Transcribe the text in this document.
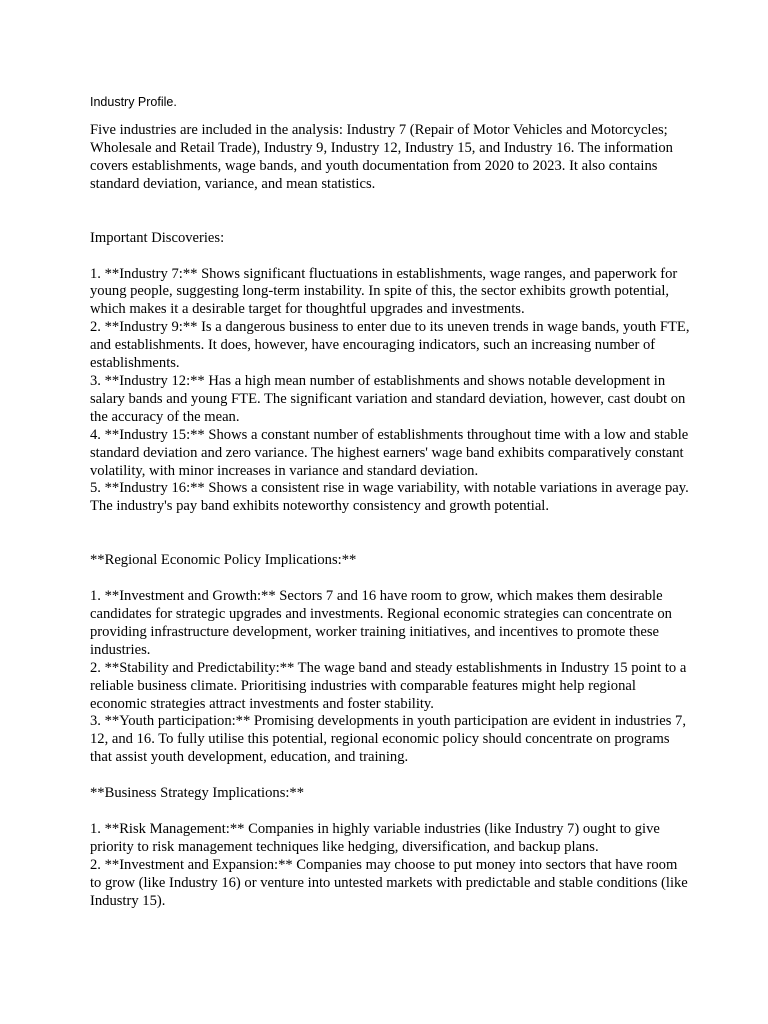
Industry Profile.

Five industries are included in the analysis: Industry 7 (Repair of Motor Vehicles and Motorcycles; Wholesale and Retail Trade), Industry 9, Industry 12, Industry 15, and Industry 16. The information covers establishments, wage bands, and youth documentation from 2020 to 2023. It also contains standard deviation, variance, and mean statistics.

Important Discoveries:

1. **Industry 7:** Shows significant fluctuations in establishments, wage ranges, and paperwork for young people, suggesting long-term instability. In spite of this, the sector exhibits growth potential, which makes it a desirable target for thoughtful upgrades and investments.

2. **Industry 9:** Is a dangerous business to enter due to its uneven trends in wage bands, youth FTE, and establishments. It does, however, have encouraging indicators, such an increasing number of establishments.

3. **Industry 12:** Has a high mean number of establishments and shows notable development in salary bands and young FTE. The significant variation and standard deviation, however, cast doubt on the accuracy of the mean.

4. **Industry 15:** Shows a constant number of establishments throughout time with a low and stable standard deviation and zero variance. The highest earners' wage band exhibits comparatively constant volatility, with minor increases in variance and standard deviation.

5. **Industry 16:** Shows a consistent rise in wage variability, with notable variations in average pay. The industry's pay band exhibits noteworthy consistency and growth potential.

**Regional Economic Policy Implications:**

1. **Investment and Growth:** Sectors 7 and 16 have room to grow, which makes them desirable candidates for strategic upgrades and investments. Regional economic strategies can concentrate on providing infrastructure development, worker training initiatives, and incentives to promote these industries.

2. **Stability and Predictability:** The wage band and steady establishments in Industry 15 point to a reliable business climate. Prioritising industries with comparable features might help regional economic strategies attract investments and foster stability.

3. **Youth participation:** Promising developments in youth participation are evident in industries 7, 12, and 16. To fully utilise this potential, regional economic policy should concentrate on programs that assist youth development, education, and training.

**Business Strategy Implications:**

1. **Risk Management:** Companies in highly variable industries (like Industry 7) ought to give priority to risk management techniques like hedging, diversification, and backup plans.

2. **Investment and Expansion:** Companies may choose to put money into sectors that have room to grow (like Industry 16) or venture into untested markets with predictable and stable conditions (like Industry 15).
